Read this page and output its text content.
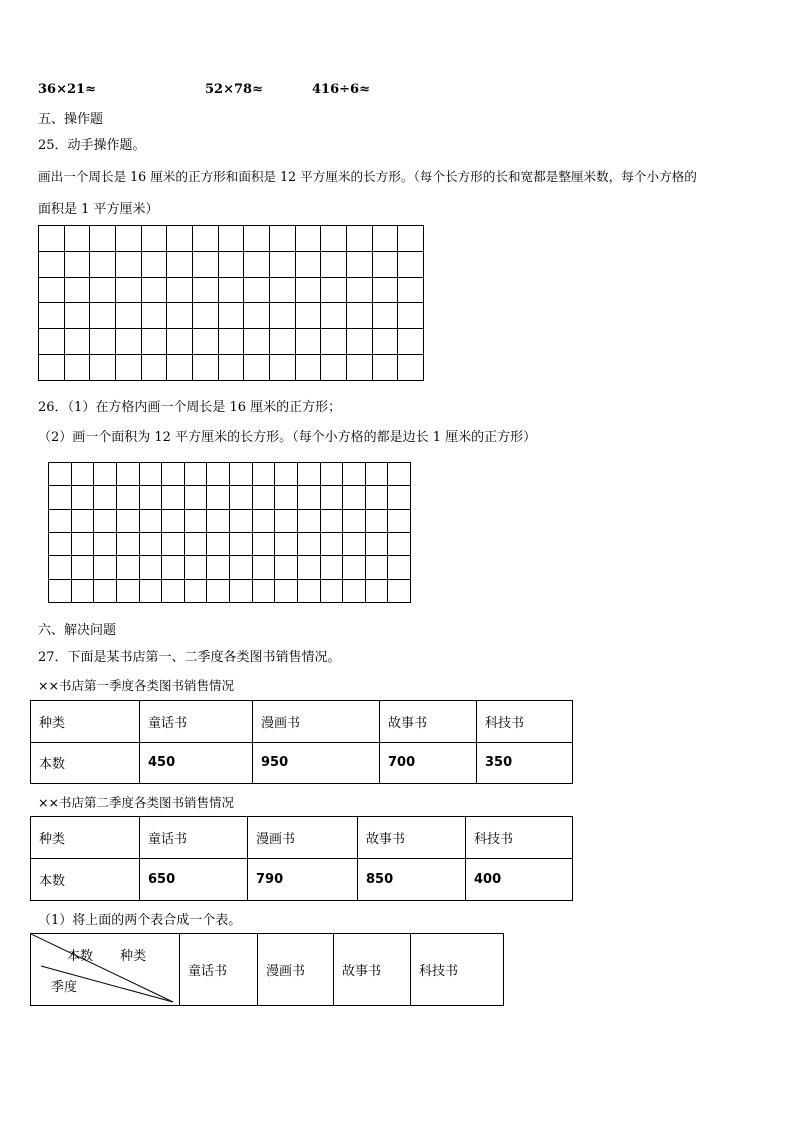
36×21≈	52×78≈	416÷6≈
五、操作题
25．动手操作题。
画出一个周长是 16 厘米的正方形和面积是 12 平方厘米的长方形。（每个长方形的长和宽都是整厘米数，每个小方格的
面积是 1 平方厘米）

26．（1）在方格内画一个周长是 16 厘米的正方形；
（2）画一个面积为 12 平方厘米的长方形。（每个小方格的都是边长 1 厘米的正方形）

六、解决问题
27．下面是某书店第一、二季度各类图书销售情况。
××书店第一季度各类图书销售情况
种类	童话书	漫画书	故事书	科技书
本数	450	950	700	350
××书店第二季度各类图书销售情况
种类	童话书	漫画书	故事书	科技书
本数	650	790	850	400
（1）将上面的两个表合成一个表。
本数 种类
季度
童话书	漫画书	故事书	科技书
